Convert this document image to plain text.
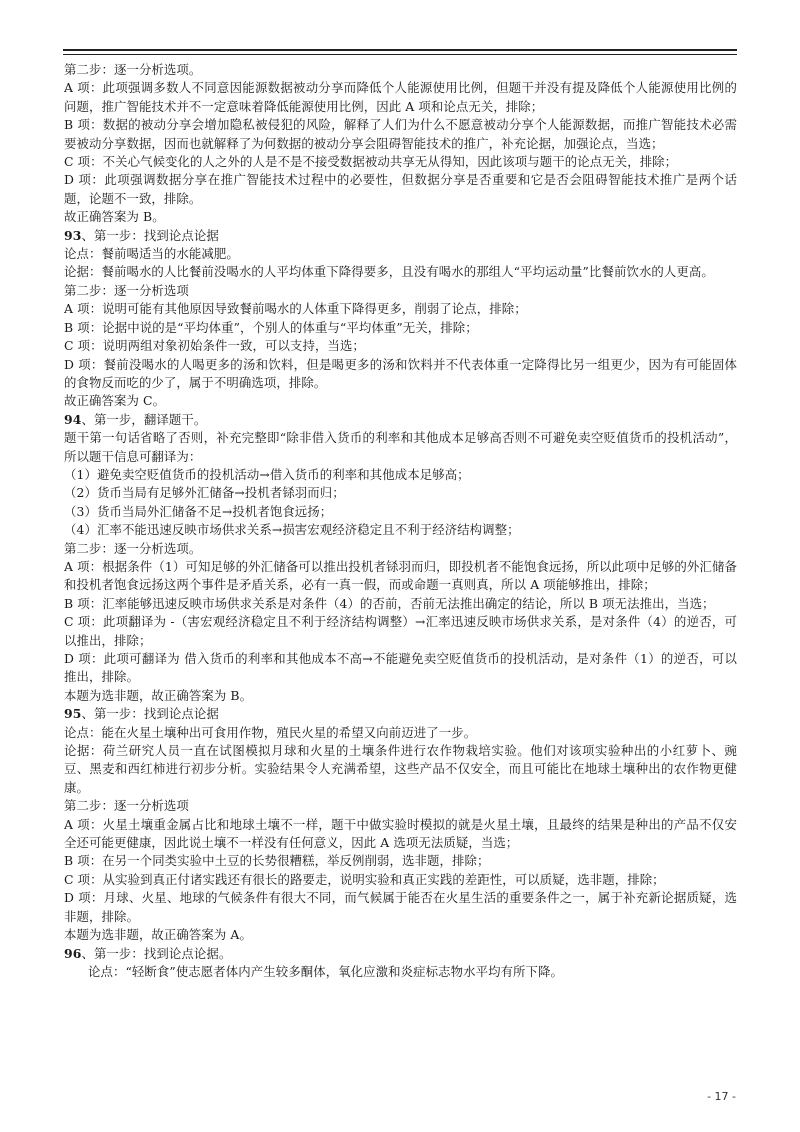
第二步：逐一分析选项。

A 项：此项强调多数人不同意因能源数据被动分享而降低个人能源使用比例，但题干并没有提及降低个人能源使用比例的问题，推广智能技术并不一定意味着降低能源使用比例，因此 A 项和论点无关，排除；

B 项：数据的被动分享会增加隐私被侵犯的风险，解释了人们为什么不愿意被动分享个人能源数据，而推广智能技术必需要被动分享数据，因而也就解释了为何数据的被动分享会阻碍智能技术的推广，补充论据，加强论点，当选；

C 项：不关心气候变化的人之外的人是不是不接受数据被动共享无从得知，因此该项与题干的论点无关，排除；

D 项：此项强调数据分享在推广智能技术过程中的必要性，但数据分享是否重要和它是否会阻碍智能技术推广是两个话题，论题不一致，排除。

故正确答案为 B。

93、第一步：找到论点论据

论点：餐前喝适当的水能减肥。

论据：餐前喝水的人比餐前没喝水的人平均体重下降得要多，且没有喝水的那组人“平均运动量”比餐前饮水的人更高。

第二步：逐一分析选项

A 项：说明可能有其他原因导致餐前喝水的人体重下降得更多，削弱了论点，排除；

B 项：论据中说的是“平均体重”，个别人的体重与“平均体重”无关，排除；

C 项：说明两组对象初始条件一致，可以支持，当选；

D 项：餐前没喝水的人喝更多的汤和饮料，但是喝更多的汤和饮料并不代表体重一定降得比另一组更少，因为有可能固体的食物反而吃的少了，属于不明确选项，排除。

故正确答案为 C。

94、第一步，翻译题干。

题干第一句话省略了否则，补充完整即“除非借入货币的利率和其他成本足够高否则不可避免卖空贬值货币的投机活动”，所以题干信息可翻译为：

（1）避免卖空贬值货币的投机活动→借入货币的利率和其他成本足够高；

（2）货币当局有足够外汇储备→投机者铩羽而归；

（3）货币当局外汇储备不足→投机者饱食远扬；

（4）汇率不能迅速反映市场供求关系→损害宏观经济稳定且不利于经济结构调整；

第二步：逐一分析选项。

A 项：根据条件（1）可知足够的外汇储备可以推出投机者铩羽而归，即投机者不能饱食远扬，所以此项中足够的外汇储备和投机者饱食远扬这两个事件是矛盾关系，必有一真一假，而或命题一真则真，所以 A 项能够推出，排除；

B 项：汇率能够迅速反映市场供求关系是对条件（4）的否前，否前无法推出确定的结论，所以 B 项无法推出，当选；

C 项：此项翻译为 -（害宏观经济稳定且不利于经济结构调整）→汇率迅速反映市场供求关系，是对条件（4）的逆否，可以推出，排除；

D 项：此项可翻译为 借入货币的利率和其他成本不高→不能避免卖空贬值货币的投机活动，是对条件（1）的逆否，可以推出，排除。

本题为选非题，故正确答案为 B。

95、第一步：找到论点论据

论点：能在火星土壤种出可食用作物，殖民火星的希望又向前迈进了一步。

论据：荷兰研究人员一直在试图模拟月球和火星的土壤条件进行农作物栽培实验。他们对该项实验种出的小红萝卜、豌豆、黑麦和西红柿进行初步分析。实验结果令人充满希望，这些产品不仅安全，而且可能比在地球土壤种出的农作物更健康。

第二步：逐一分析选项

A 项：火星土壤重金属占比和地球土壤不一样，题干中做实验时模拟的就是火星土壤，且最终的结果是种出的产品不仅安全还可能更健康，因此说土壤不一样没有任何意义，因此 A 选项无法质疑，当选；

B 项：在另一个同类实验中土豆的长势很糟糕，举反例削弱，选非题，排除；

C 项：从实验到真正付诸实践还有很长的路要走，说明实验和真正实践的差距性，可以质疑，选非题，排除；

D 项：月球、火星、地球的气候条件有很大不同，而气候属于能否在火星生活的重要条件之一，属于补充新论据质疑，选非题，排除。

本题为选非题，故正确答案为 A。

96、第一步：找到论点论据。

论点：“轻断食”使志愿者体内产生较多酮体，氧化应激和炎症标志物水平均有所下降。

- 17 -
